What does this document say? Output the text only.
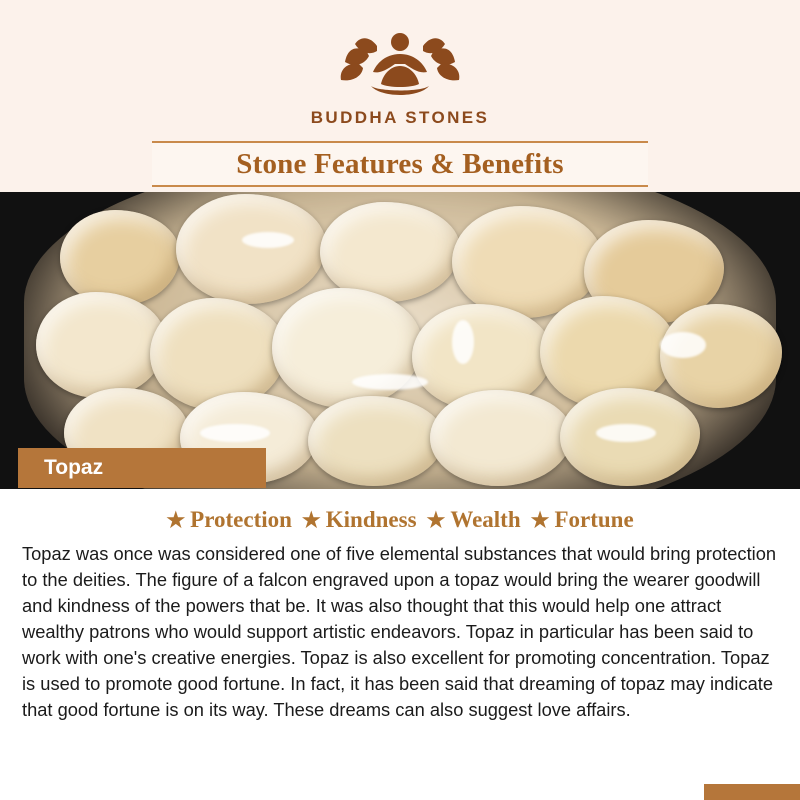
BUDDHA STONES
Stone Features & Benefits
Topaz
★ Protection ★ Kindness ★ Wealth ★ Fortune

Topaz was once was considered one of five elemental substances that would bring protection to the deities. The figure of a falcon engraved upon a topaz would bring the wearer goodwill and kindness of the powers that be. It was also thought that this would help one attract wealthy patrons who would support artistic endeavors. Topaz in particular has been said to work with one's creative energies. Topaz is also excellent for promoting concentration. Topaz is used to promote good fortune. In fact, it has been said that dreaming of topaz may indicate that good fortune is on its way. These dreams can also suggest love affairs.
